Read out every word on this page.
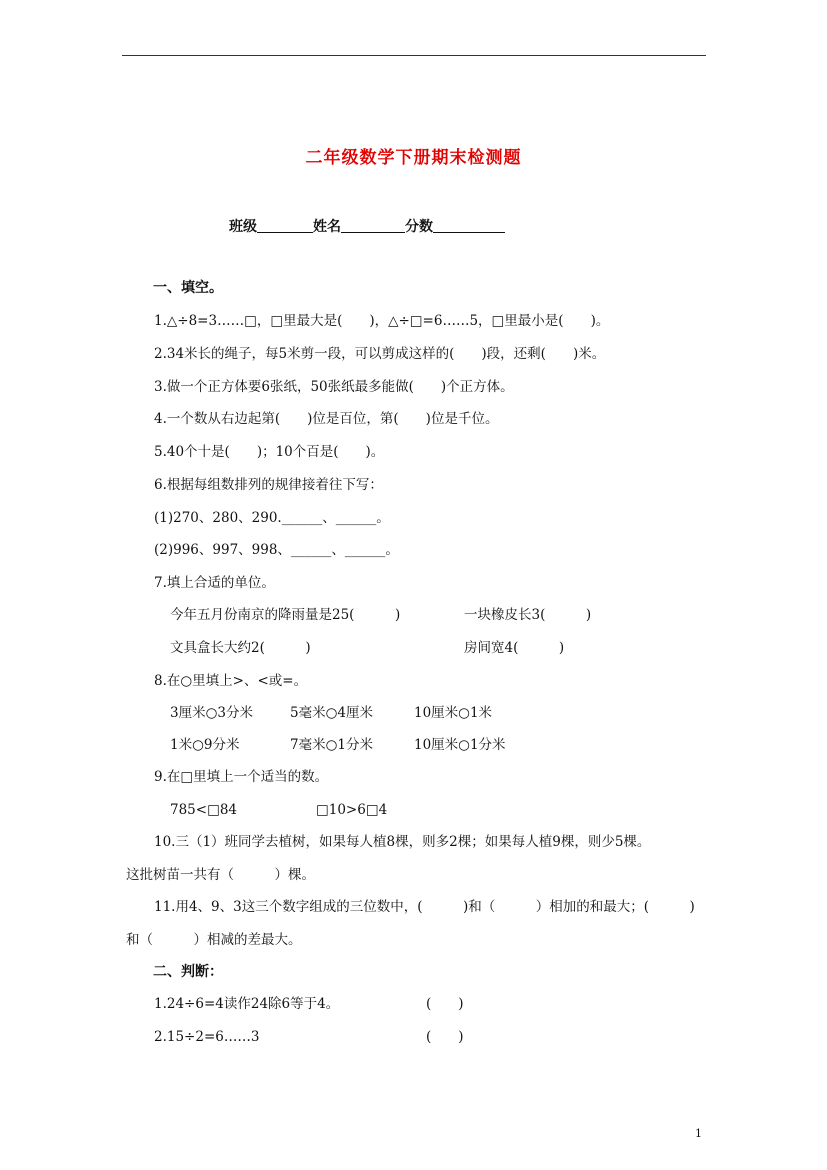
二年级数学下册期末检测题
班级	姓名	分数
一、填空。
1.△÷8=3……□，□里最大是(　　)，△÷□=6……5，□里最小是(　　)。
2.34米长的绳子，每5米剪一段，可以剪成这样的(　　)段，还剩(　　)米。
3.做一个正方体要6张纸，50张纸最多能做(　　)个正方体。
4.一个数从右边起第(　　)位是百位，第(　　)位是千位。
5.40个十是(　　)；10个百是(　　)。
6.根据每组数排列的规律接着往下写：
(1)270、280、290.______、______。
(2)996、997、998、______、______。
7.填上合适的单位。
今年五月份南京的降雨量是25(　　　)	一块橡皮长3(　　　)
文具盒长大约2(　　　)	房间宽4(　　　)
8.在○里填上>、<或=。
3厘米○3分米	5毫米○4厘米	10厘米○1米
1米○9分米	7毫米○1分米	10厘米○1分米
9.在□里填上一个适当的数。
785<□84	□10>6□4
10.三（1）班同学去植树，如果每人植8棵，则多2棵；如果每人植9棵，则少5棵。
这批树苗一共有（　　　）棵。
11.用4、9、3这三个数字组成的三位数中，(　　　)和（　　　）相加的和最大；(　　　)
和（　　　）相减的差最大。
二、判断：
1.24÷6=4读作24除6等于4。	(　　)
2.15÷2=6……3	(　　)
1
